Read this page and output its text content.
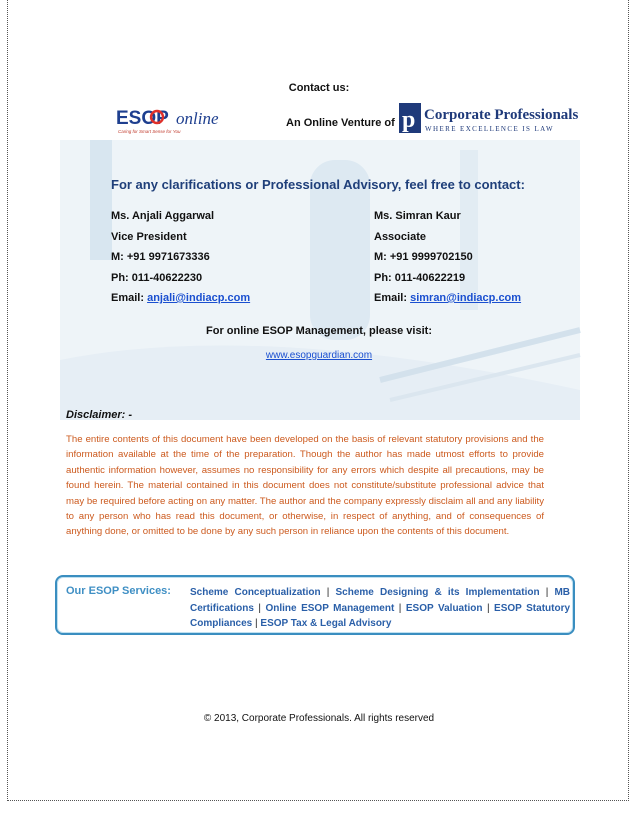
Contact us:
ESOP online
Caring for Smart Sense for You
An Online Venture of p Corporate Professionals
WHERE EXCELLENCE IS LAW
For any clarifications or Professional Advisory, feel free to contact:
Ms. Anjali Aggarwal
Vice President
M: +91 9971673336
Ph: 011-40622230
Email: anjali@indiacp.com
Ms. Simran Kaur
Associate
M: +91 9999702150
Ph: 011-40622219
Email: simran@indiacp.com
For online ESOP Management, please visit:
www.esopguardian.com
Disclaimer: -
The entire contents of this document have been developed on the basis of relevant statutory provisions and the information available at the time of the preparation. Though the author has made utmost efforts to provide authentic information however, assumes no responsibility for any errors which despite all precautions, may be found herein. The material contained in this document does not constitute/substitute professional advice that may be required before acting on any matter. The author and the company expressly disclaim all and any liability to any person who has read this document, or otherwise, in respect of anything, and of consequences of anything done, or omitted to be done by any such person in reliance upon the contents of this document.
Our ESOP Services: Scheme Conceptualization | Scheme Designing & its Implementation | MB Certifications | Online ESOP Management | ESOP Valuation | ESOP Statutory Compliances | ESOP Tax & Legal Advisory
© 2013, Corporate Professionals. All rights reserved
